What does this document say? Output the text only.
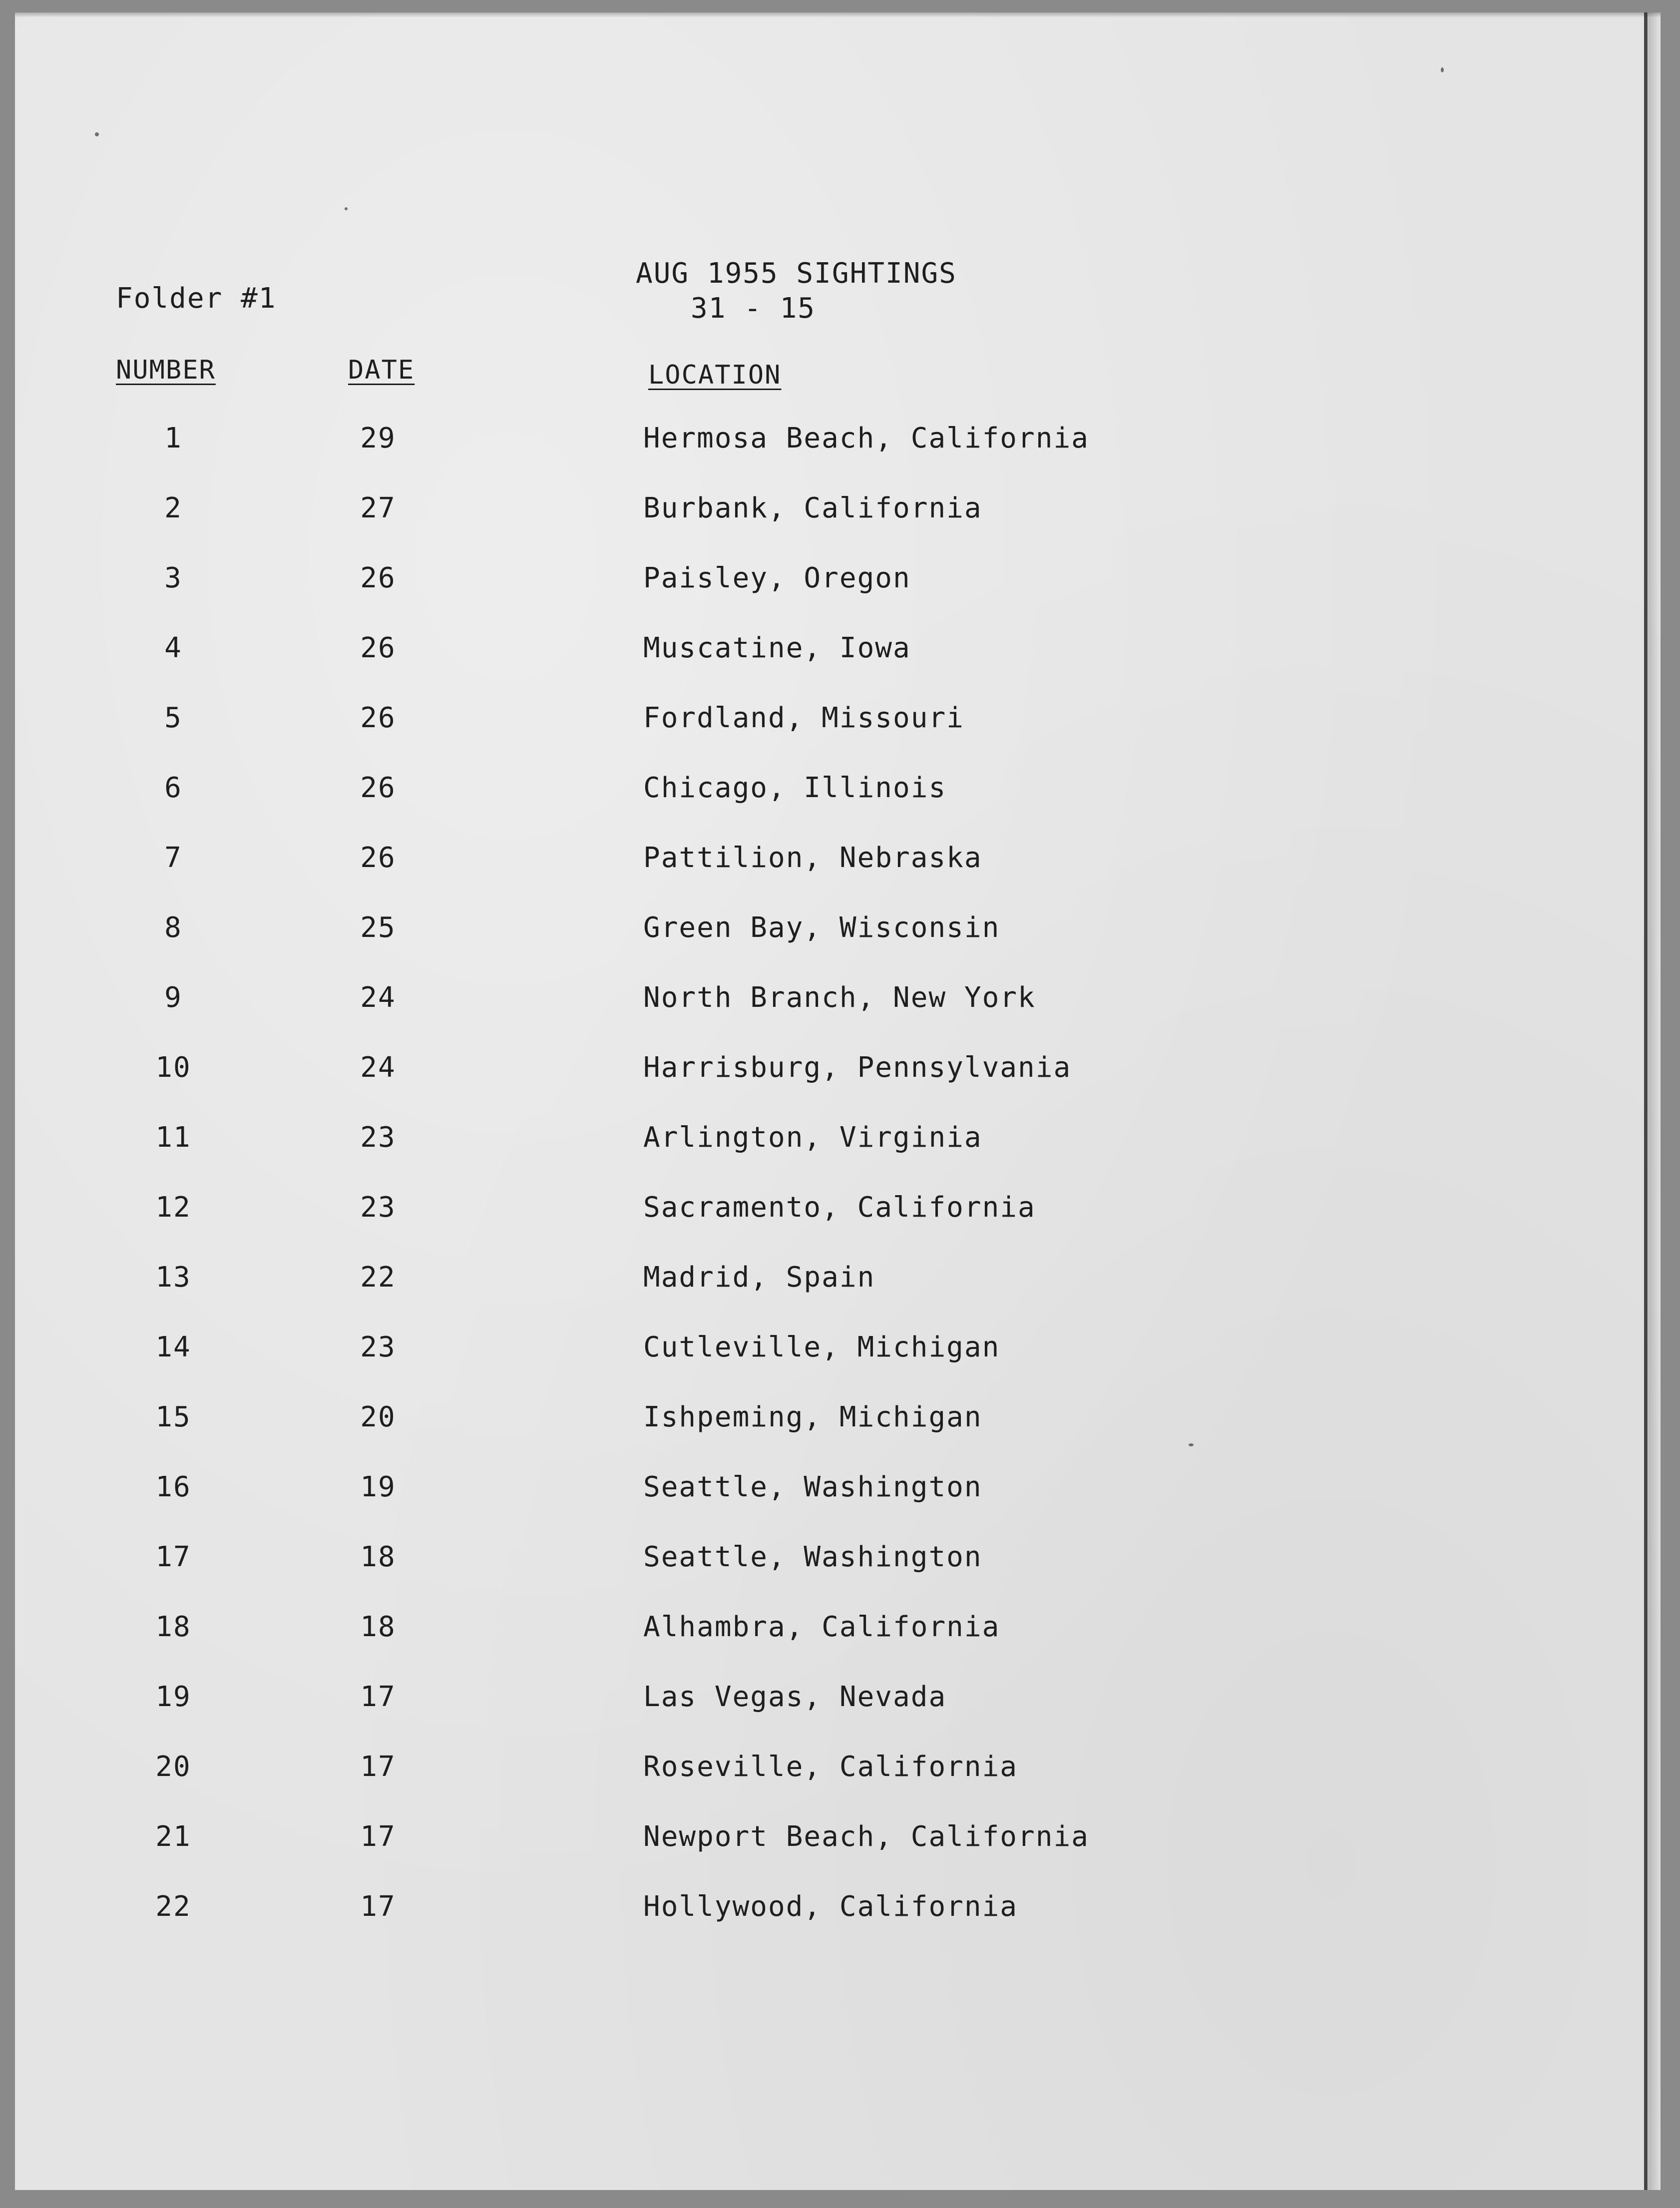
Folder #1
AUG 1955 SIGHTINGS
31 - 15
NUMBER	DATE	LOCATION
1	29	Hermosa Beach, California
2	27	Burbank, California
3	26	Paisley, Oregon
4	26	Muscatine, Iowa
5	26	Fordland, Missouri
6	26	Chicago, Illinois
7	26	Pattilion, Nebraska
8	25	Green Bay, Wisconsin
9	24	North Branch, New York
10	24	Harrisburg, Pennsylvania
11	23	Arlington, Virginia
12	23	Sacramento, California
13	22	Madrid, Spain
14	23	Cutleville, Michigan
15	20	Ishpeming, Michigan
16	19	Seattle, Washington
17	18	Seattle, Washington
18	18	Alhambra, California
19	17	Las Vegas, Nevada
20	17	Roseville, California
21	17	Newport Beach, California
22	17	Hollywood, California
